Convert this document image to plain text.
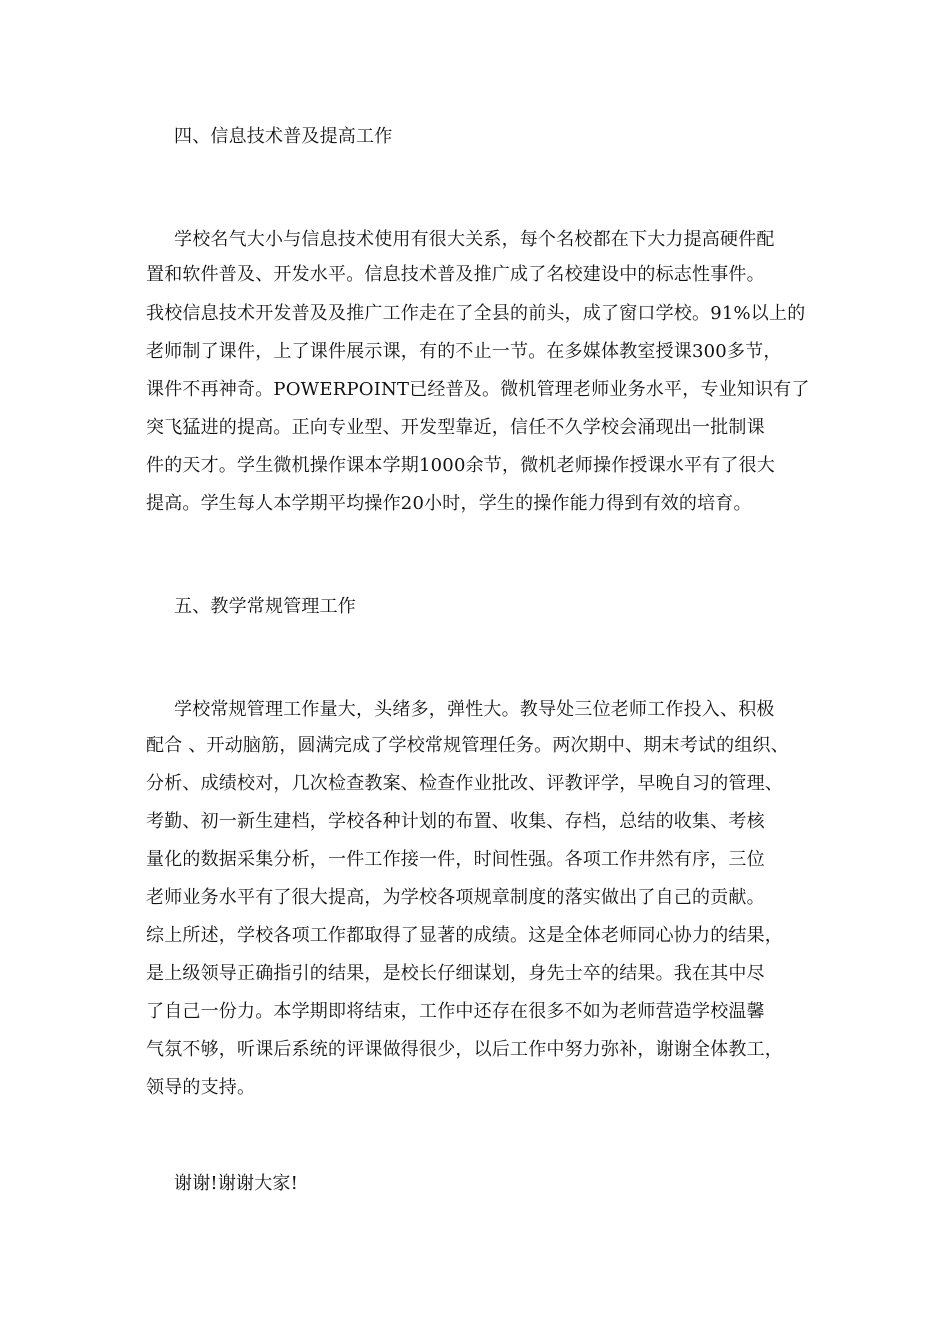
四、信息技术普及提高工作
学校名气大小与信息技术使用有很大关系，每个名校都在下大力提高硬件配
置和软件普及、开发水平。信息技术普及推广成了名校建设中的标志性事件。
我校信息技术开发普及及推广工作走在了全县的前头，成了窗口学校。91%以上的
老师制了课件，上了课件展示课，有的不止一节。在多媒体教室授课300多节，
课件不再神奇。POWERPOINT已经普及。微机管理老师业务水平，专业知识有了
突飞猛进的提高。正向专业型、开发型靠近，信任不久学校会涌现出一批制课
件的天才。学生微机操作课本学期1000余节，微机老师操作授课水平有了很大
提高。学生每人本学期平均操作20小时，学生的操作能力得到有效的培育。
五、教学常规管理工作
学校常规管理工作量大，头绪多，弹性大。教导处三位老师工作投入、积极
配合 、开动脑筋，圆满完成了学校常规管理任务。两次期中、期末考试的组织、
分析、成绩校对，几次检查教案、检查作业批改、评教评学，早晚自习的管理、
考勤、初一新生建档，学校各种计划的布置、收集、存档，总结的收集、考核
量化的数据采集分析，一件工作接一件，时间性强。各项工作井然有序，三位
老师业务水平有了很大提高，为学校各项规章制度的落实做出了自己的贡献。
综上所述，学校各项工作都取得了显著的成绩。这是全体老师同心协力的结果，
是上级领导正确指引的结果，是校长仔细谋划，身先士卒的结果。我在其中尽
了自己一份力。本学期即将结束，工作中还存在很多不如为老师营造学校温馨
气氛不够，听课后系统的评课做得很少，以后工作中努力弥补，谢谢全体教工，
领导的支持。
谢谢!谢谢大家!
